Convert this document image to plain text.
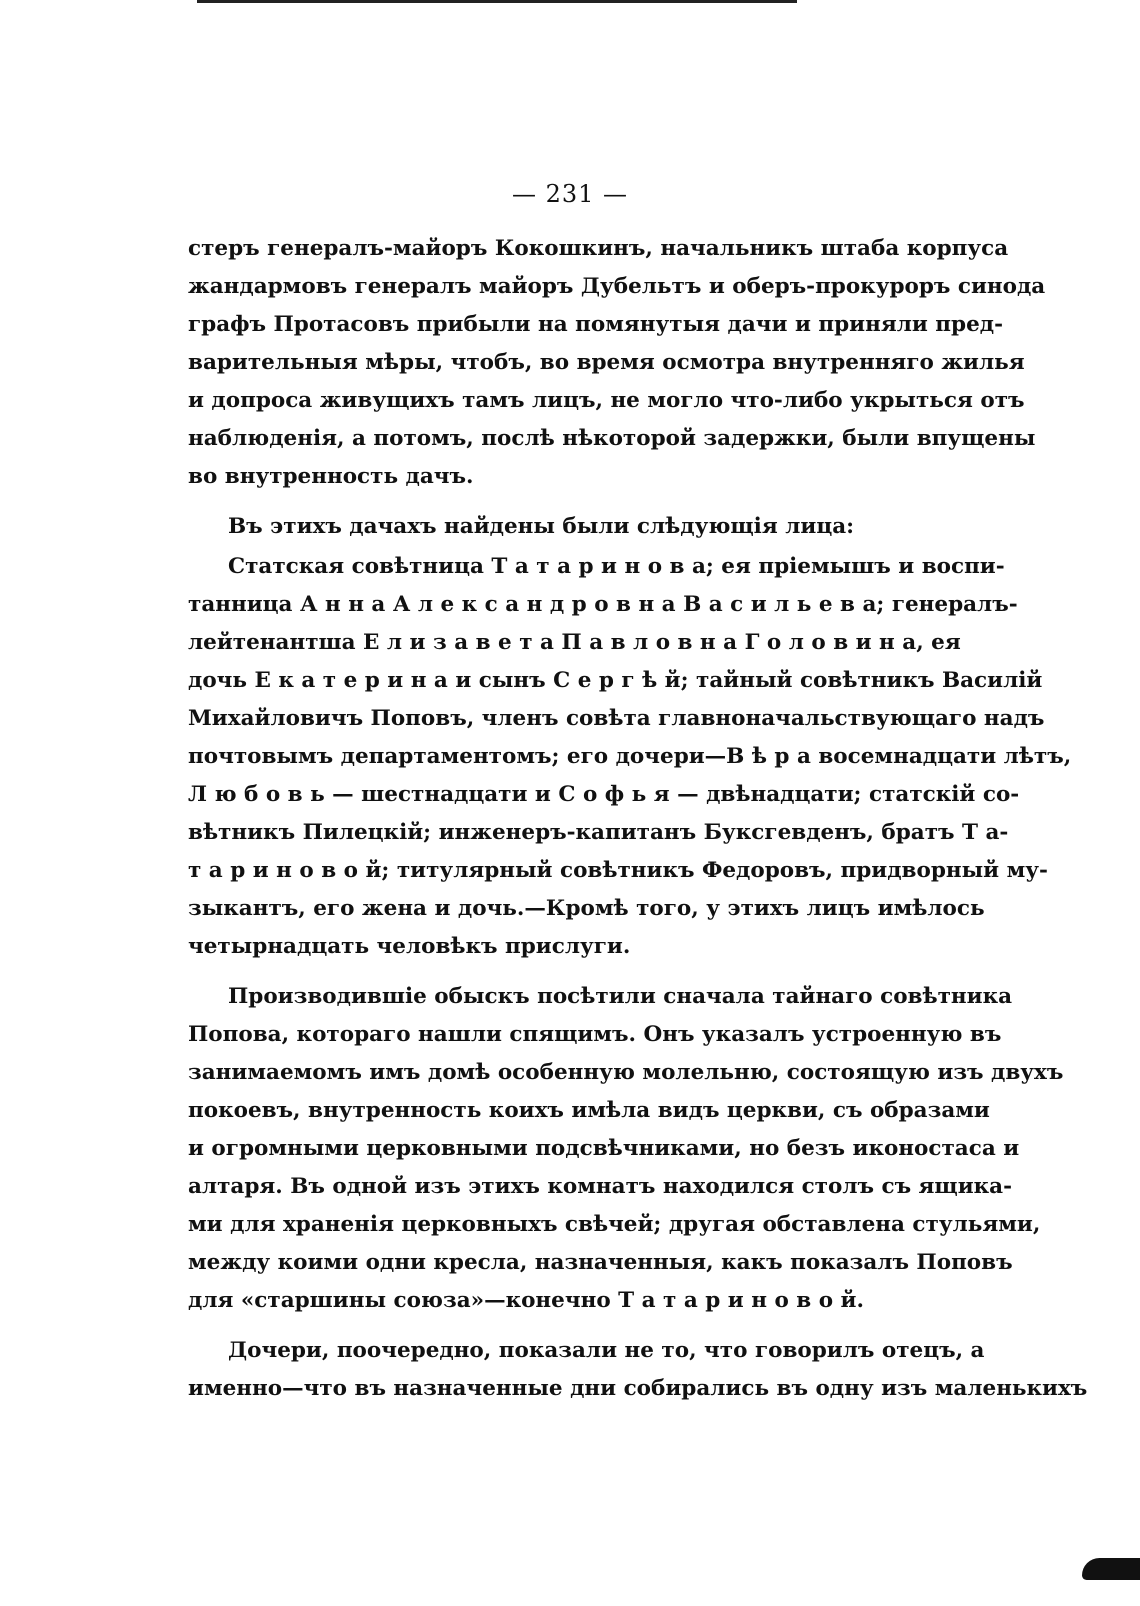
— 231 —
стеръ генералъ-майоръ Кокошкинъ, начальникъ штаба корпуса
жандармовъ генералъ майоръ Дубельтъ и оберъ-прокуроръ синода
графъ Протасовъ прибыли на помянутыя дачи и приняли пред-
варительныя мѣры, чтобъ, во время осмотра внутренняго жилья
и допроса живущихъ тамъ лицъ, не могло что-либо укрыться отъ
наблюденія, а потомъ, послѣ нѣкоторой задержки, были впущены
во внутренность дачъ.
Въ этихъ дачахъ найдены были слѣдующія лица:
Статская совѣтница Т а т а р и н о в а; ея пріемышъ и воспи-
танница А н н а А л е к с а н д р о в н а В а с и л ь е в а; генералъ-
лейтенантша Е л и з а в е т а П а в л о в н а Г о л о в и н а, ея
дочь Е к а т е р и н а и сынъ С е р г ѣ й; тайный совѣтникъ Василій
Михайловичъ Поповъ, членъ совѣта главноначальствующаго надъ
почтовымъ департаментомъ; его дочери—В ѣ р а восемнадцати лѣтъ,
Л ю б о в ь — шестнадцати и С о ф ь я — двѣнадцати; статскій со-
вѣтникъ Пилецкій; инженеръ-капитанъ Буксгевденъ, братъ Т а-
т а р и н о в о й; титулярный совѣтникъ Федоровъ, придворный му-
зыкантъ, его жена и дочь.—Кромѣ того, у этихъ лицъ имѣлось
четырнадцать человѣкъ прислуги.
Производившіе обыскъ посѣтили сначала тайнаго совѣтника
Попова, котораго нашли спящимъ. Онъ указалъ устроенную въ
занимаемомъ имъ домѣ особенную молельню, состоящую изъ двухъ
покоевъ, внутренность коихъ имѣла видъ церкви, съ образами
и огромными церковными подсвѣчниками, но безъ иконостаса и
алтаря. Въ одной изъ этихъ комнатъ находился столъ съ ящика-
ми для храненія церковныхъ свѣчей; другая обставлена стульями,
между коими одни кресла, назначенныя, какъ показалъ Поповъ
для «старшины союза»—конечно Т а т а р и н о в о й.
Дочери, поочередно, показали не то, что говорилъ отецъ, а
именно—что въ назначенные дни собирались въ одну изъ маленькихъ
